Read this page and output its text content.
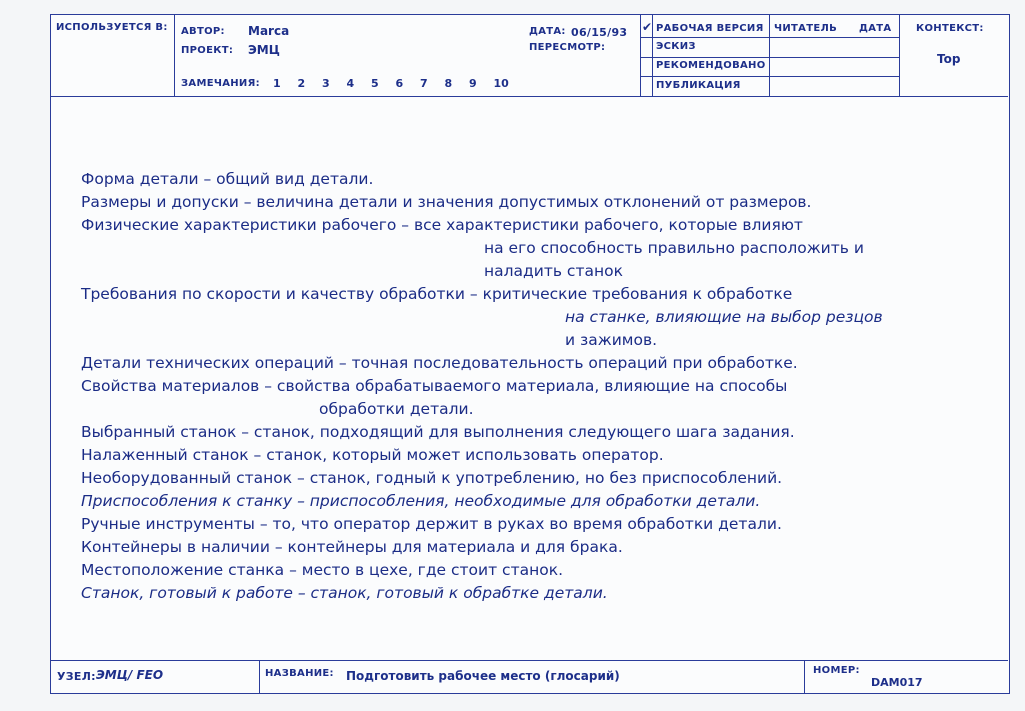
ИСПОЛЬЗУЕТСЯ В: АВТОР: Marca
ПРОЕКТ: ЭМЦ
ЗАМЕЧАНИЯ: 1 2 3 4 5 6 7 8 9 10
ДАТА: 06/15/93
ПЕРЕСМОТР:
✔ РАБОЧАЯ ВЕРСИЯ
ЭСКИЗ
РЕКОМЕНДОВАНО
ПУБЛИКАЦИЯ
ЧИТАТЕЛЬ ДАТА КОНТЕКСТ:
Top
Форма детали – общий вид детали.
Размеры и допуски – величина детали и значения допустимых отклонений от размеров.
Физические характеристики рабочего – все характеристики рабочего, которые влияют
на его способность правильно расположить и
наладить станок
Требования по скорости и качеству обработки – критические требования к обработке
на станке, влияющие на выбор резцов
и зажимов.
Детали технических операций – точная последовательность операций при обработке.
Свойства материалов – свойства обрабатываемого материала, влияющие на способы
обработки детали.
Выбранный станок – станок, подходящий для выполнения следующего шага задания.
Налаженный станок – станок, который может использовать оператор.
Необорудованный станок – станок, годный к употреблению, но без приспособлений.
Приспособления к станку – приспособления, необходимые для обработки детали.
Ручные инструменты – то, что оператор держит в руках во время обработки детали.
Контейнеры в наличии – контейнеры для материала и для брака.
Местоположение станка – место в цехе, где стоит станок.
Станок, готовый к работе – станок, готовый к обрабтке детали.
УЗЕЛ: ЭМЦ/ FEO	НАЗВАНИЕ: Подготовить рабочее место (глосарий)	НОМЕР:
DAM017
